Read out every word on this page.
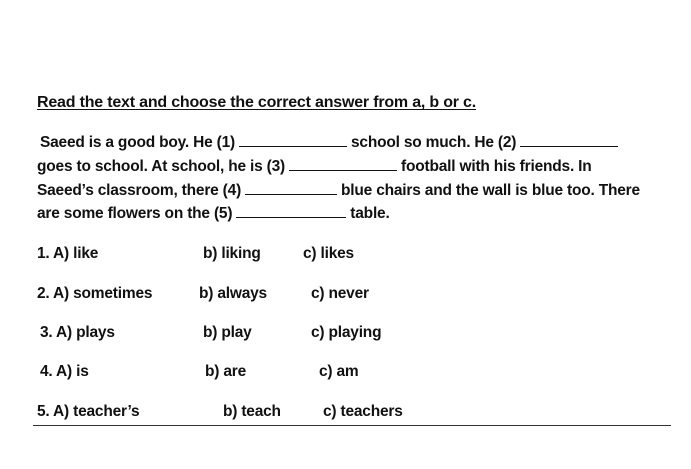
Read the text and choose the correct answer from a, b or c.
Saeed is a good boy. He (1)	school so much. He (2)
goes to school. At school, he is (3)	football with his friends. In
Saeed’s classroom, there (4)	blue chairs and the wall is blue too. There
are some flowers on the (5)	table.
1. A) like	b) liking	c) likes
2. A) sometimes	b) always	c) never
3. A) plays	b) play	c) playing
4. A) is	b) are	c) am
5. A) teacher’s	b) teach	c) teachers
